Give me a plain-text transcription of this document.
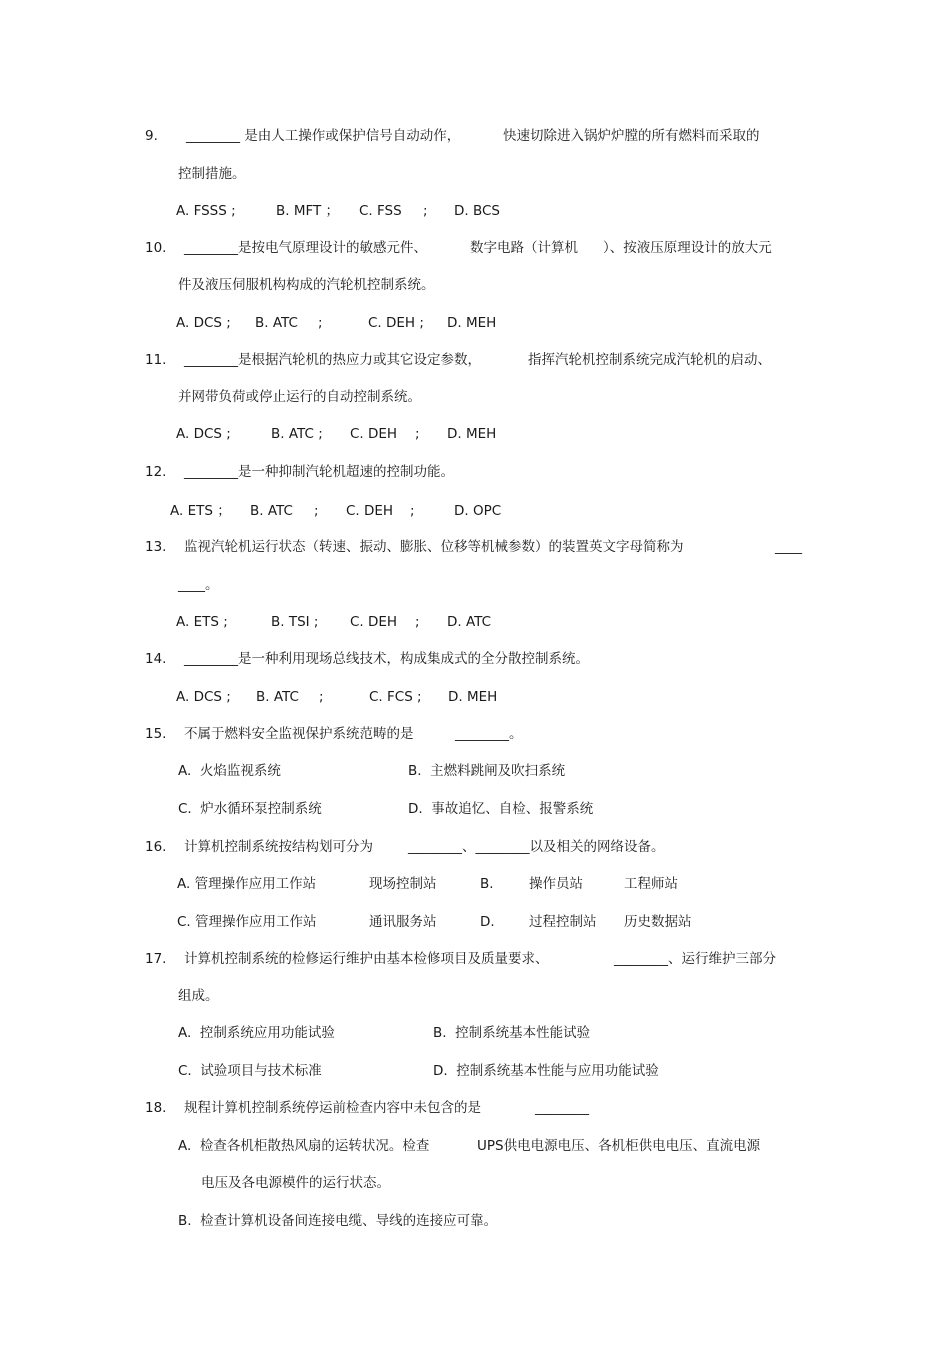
9. ________ 是由人工操作或保护信号自动动作，	快速切除进入锅炉炉膛的所有燃料而采取的
控制措施。
A. FSSS ;	B. MFT ； C. FSS ; D. BCS
10. ________是按电气原理设计的敏感元件、	数字电路（计算机 ）、按液压原理设计的放大元
件及液压伺服机构构成的汽轮机控制系统。
A. DCS ; B. ATC ;	C. DEH ; D. MEH
11. ________是根据汽轮机的热应力或其它设定参数，	指挥汽轮机控制系统完成汽轮机的启动、
并网带负荷或停止运行的自动控制系统。
A. DCS ;	B. ATC ; C. DEH ; D. MEH
12. ________是一种抑制汽轮机超速的控制功能。
A. ETS ； B. ATC ; C. DEH ;	D. OPC
13. 监视汽轮机运行状态（转速、振动、膨胀、位移等机械参数）的装置英文字母简称为	____
____。
A. ETS ;	B. TSI ; C. DEH ; D. ATC
14. ________是一种利用现场总线技术，构成集成式的全分散控制系统。
A. DCS ; B. ATC ;	C. FCS ; D. MEH
15. 不属于燃料安全监视保护系统范畴的是	________。
A.  火焰监视系统	B.  主燃料跳闸及吹扫系统
C.  炉水循环泵控制系统	D.  事故追忆、自检、报警系统
16. 计算机控制系统按结构划可分为	________、________以及相关的网络设备。
A. 管理操作应用工作站	现场控制站	B.	操作员站	工程师站
C. 管理操作应用工作站	通讯服务站	D.	过程控制站 历史数据站
17. 计算机控制系统的检修运行维护由基本检修项目及质量要求、	________、运行维护三部分
组成。
A.  控制系统应用功能试验	B.  控制系统基本性能试验
C.  试验项目与技术标准	D.  控制系统基本性能与应用功能试验
18. 规程计算机控制系统停运前检查内容中未包含的是	________
A.  检查各机柜散热风扇的运转状况。检查	UPS供电电源电压、各机柜供电电压、直流电源
电压及各电源模件的运行状态。
B.  检查计算机设备间连接电缆、导线的连接应可靠。
